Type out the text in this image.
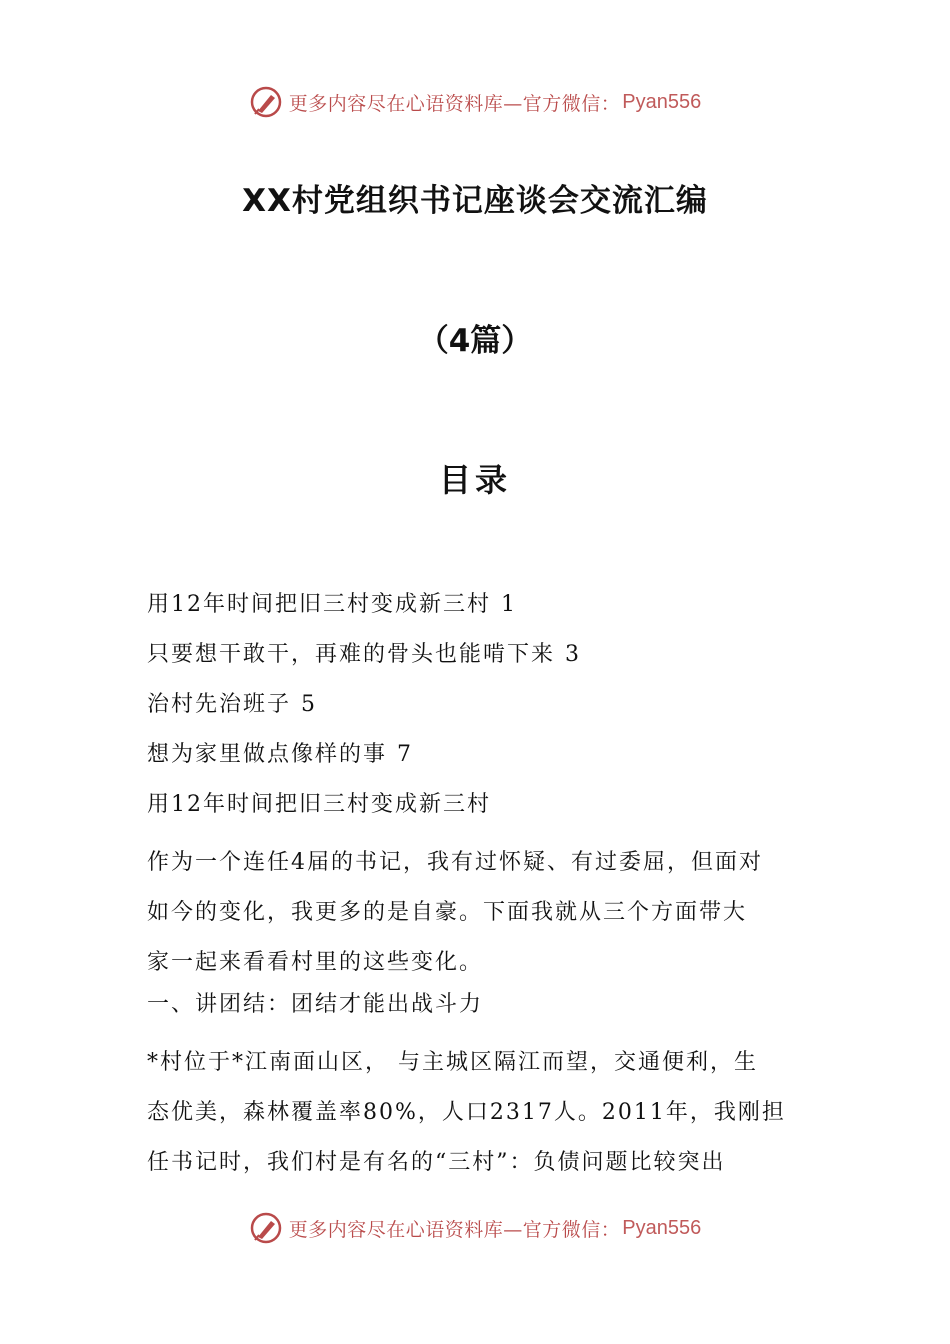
更多内容尽在心语资料库—官方微信： Pyan556
XX村党组织书记座谈会交流汇编
（4篇）
目录
用12年时间把旧三村变成新三村 1
只要想干敢干，再难的骨头也能啃下来 3
治村先治班子 5
想为家里做点像样的事 7
用12年时间把旧三村变成新三村

作为一个连任4届的书记，我有过怀疑、有过委屈，但面对

如今的变化，我更多的是自豪。下面我就从三个方面带大

家一起来看看村里的这些变化。

一、讲团结：团结才能出战斗力

*村位于*江南面山区， 与主城区隔江而望，交通便利，生

态优美，森林覆盖率80%，人口2317人。2011年，我刚担

任书记时，我们村是有名的“三村”：负债问题比较突出

更多内容尽在心语资料库—官方微信： Pyan556
